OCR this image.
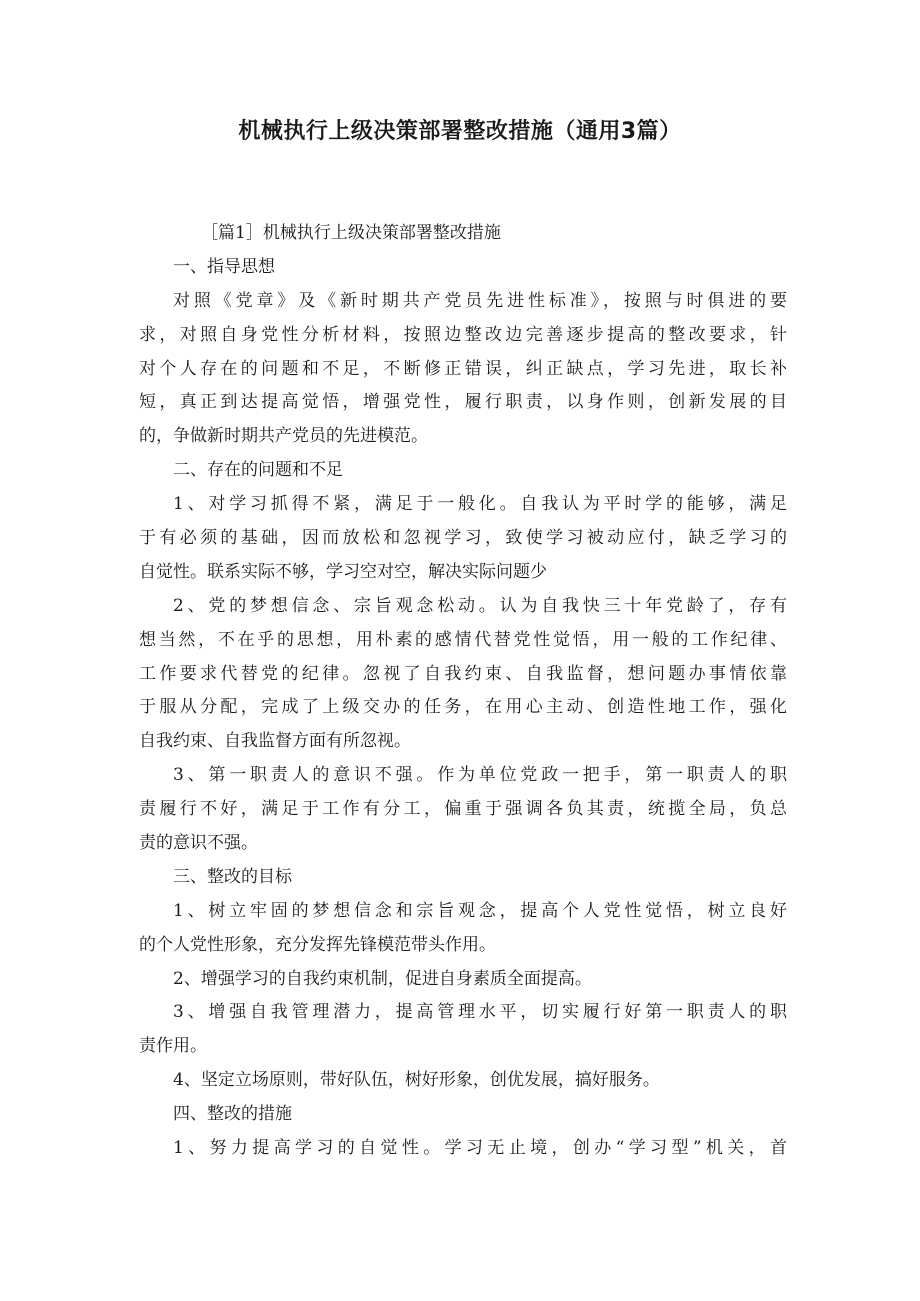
机械执行上级决策部署整改措施（通用3篇）

［篇1］机械执行上级决策部署整改措施

一、指导思想

对照《党章》及《新时期共产党员先进性标准》，按照与时俱进的要

求，对照自身党性分析材料，按照边整改边完善逐步提高的整改要求，针

对个人存在的问题和不足，不断修正错误，纠正缺点，学习先进，取长补

短，真正到达提高觉悟，增强党性，履行职责，以身作则，创新发展的目

的，争做新时期共产党员的先进模范。

二、存在的问题和不足

1、对学习抓得不紧，满足于一般化。自我认为平时学的能够，满足

于有必须的基础，因而放松和忽视学习，致使学习被动应付，缺乏学习的

自觉性。联系实际不够，学习空对空，解决实际问题少

2、党的梦想信念、宗旨观念松动。认为自我快三十年党龄了，存有

想当然，不在乎的思想，用朴素的感情代替党性觉悟，用一般的工作纪律、

工作要求代替党的纪律。忽视了自我约束、自我监督，想问题办事情依靠

于服从分配，完成了上级交办的任务，在用心主动、创造性地工作，强化

自我约束、自我监督方面有所忽视。

3、第一职责人的意识不强。作为单位党政一把手，第一职责人的职

责履行不好，满足于工作有分工，偏重于强调各负其责，统揽全局，负总

责的意识不强。

三、整改的目标

1、树立牢固的梦想信念和宗旨观念，提高个人党性觉悟，树立良好

的个人党性形象，充分发挥先锋模范带头作用。

2、增强学习的自我约束机制，促进自身素质全面提高。

3、增强自我管理潜力，提高管理水平，切实履行好第一职责人的职

责作用。

4、坚定立场原则，带好队伍，树好形象，创优发展，搞好服务。

四、整改的措施

1、努力提高学习的自觉性。学习无止境，创办“学习型”机关，首
